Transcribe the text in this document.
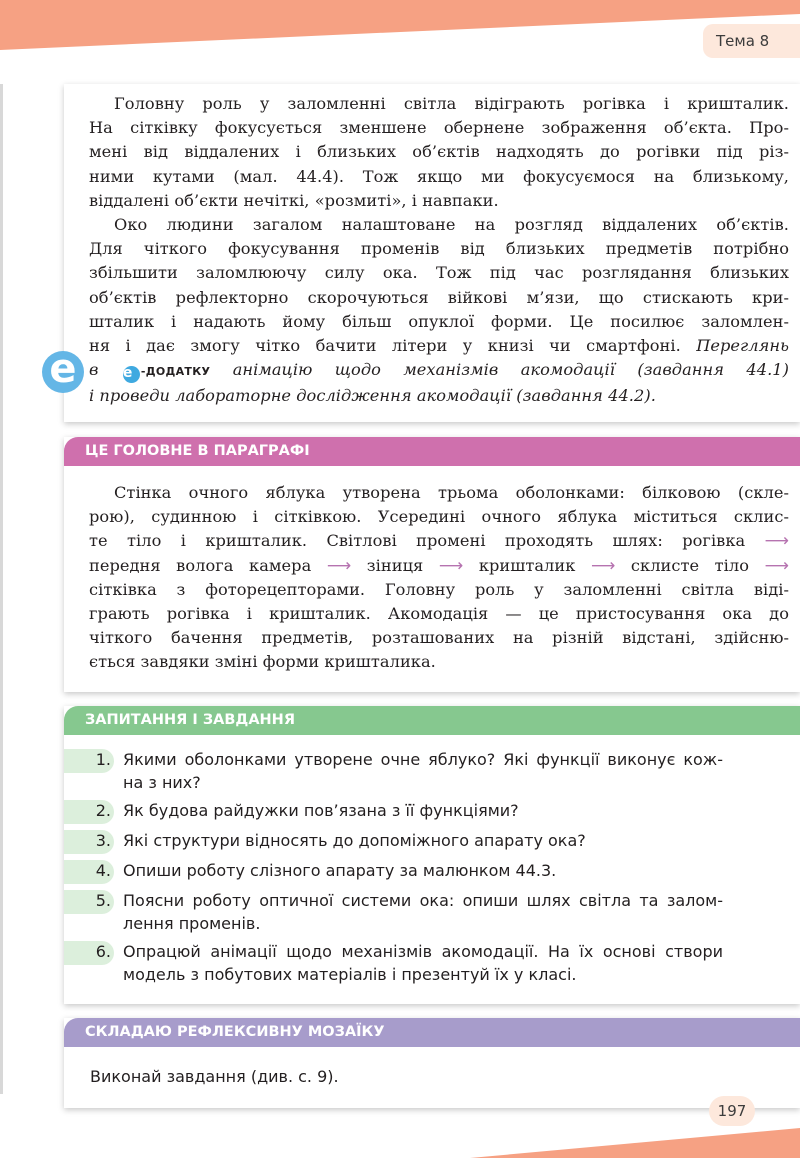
Тема 8

Головну роль у заломленні світла відіграють рогівка і кришталик.

На сітківку фокусується зменшене обернене зображення об’єкта. Про-

мені від віддалених і близьких об’єктів надходять до рогівки під різ-

ними кутами (мал. 44.4). Тож якщо ми фокусуємося на близькому,

віддалені об’єкти нечіткі, «розмиті», і навпаки.

Око людини загалом налаштоване на розгляд віддалених об’єктів.

Для чіткого фокусування променів від близьких предметів потрібно

збільшити заломлюючу силу ока. Тож під час розглядання близьких

об’єктів рефлекторно скорочуються війкові м’язи, що стискають кри-

шталик і надають йому більш опуклої форми. Це посилює заломлен-

ня і дає змогу чітко бачити літери у книзі чи смартфоні. Переглянь

в e -ДОДАТКУ анімацію щодо механізмів акомодації (завдання 44.1)

і проведи лабораторне дослідження акомодації (завдання 44.2).

e
ЦЕ ГОЛОВНЕ В ПАРАГРАФІ

Стінка очного яблука утворена трьома оболонками: білковою (скле-

рою), судинною і сітківкою. Усередині очного яблука міститься склис-

те тіло і кришталик. Світлові промені проходять шлях: рогівка ⟶

передня волога камера ⟶ зіниця ⟶ кришталик ⟶ склисте тіло ⟶

сітківка з фоторецепторами. Головну роль у заломленні світла віді-

грають рогівка і кришталик. Акомодація — це пристосування ока до

чіткого бачення предметів, розташованих на різній відстані, здійсню-

ється завдяки зміні форми кришталика.

ЗАПИТАННЯ І ЗАВДАННЯ
1. Якими оболонками утворене очне яблуко? Які функції виконує кож-
на з них?
2. Як будова райдужки пов’язана з її функціями?
3. Які структури відносять до допоміжного апарату ока?
4. Опиши роботу слізного апарату за малюнком 44.3.
5. Поясни роботу оптичної системи ока: опиши шлях світла та залом-
лення променів.
6. Опрацюй анімації щодо механізмів акомодації. На їх основі створи
модель з побутових матеріалів і презентуй їх у класі.
СКЛАДАЮ РЕФЛЕКСИВНУ МОЗАЇКУ
Виконай завдання (див. с. 9).
197
